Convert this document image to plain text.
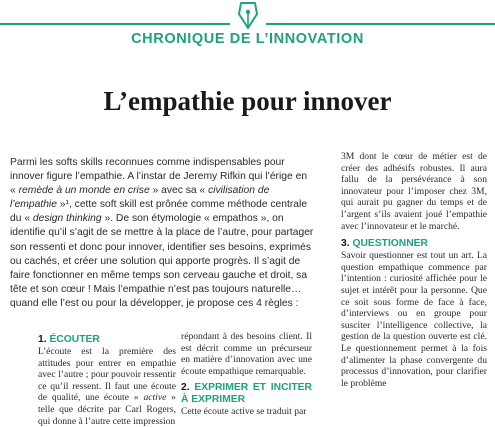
CHRONIQUE DE L’INNOVATION
L’empathie pour innover
Parmi les softs skills reconnues comme indispensables pour innover figure l’empathie. A l’instar de Jeremy Rifkin qui l’érige en « remède à un monde en crise » avec sa « civilisation de l’empathie »¹, cette soft skill est prônée comme méthode centrale du « design thinking ». De son étymologie « empathos », on identifie qu’il s’agit de se mettre à la place de l’autre, pour partager son ressenti et donc pour innover, identifier ses besoins, exprimés ou cachés, et créer une solution qui apporte progrès. Il s’agit de faire fonctionner en même temps son cerveau gauche et droit, sa tête et son cœur ! Mais l’empathie n’est pas toujours naturelle… quand elle l’est ou pour la développer, je propose ces 4 règles :
1. ÉCOUTER

L’écoute est la première des attitudes pour entrer en empathie avec l’autre ; pour pouvoir ressentir ce qu’il ressent. Il faut une écoute de qualité, une écoute « active » telle que décrite par Carl Rogers, qui donne à l’autre cette impression

répondant à des besoins client. Il est décrit comme un précurseur en matière d’innovation avec une écoute empathique remarquable.

2. EXPRIMER ET INCITER À EXPRIMER

Cette écoute active se traduit par

3M dont le cœur de métier est de créer des adhésifs robustes. Il aura fallu de la persévérance à son innovateur pour l’imposer chez 3M, qui aurait pu gagner du temps et de l’argent s’ils avaient joué l’empathie avec l’innovateur et le marché.

3. QUESTIONNER

Savoir questionner est tout un art. La question empathique commence par l’intention : curiosité affichée pour le sujet et intérêt pour la personne. Que ce soit sous forme de face à face, d’interviews ou en groupe pour susciter l’intelligence collective, la gestion de la question ouverte est clé. Le questionnement permet à la fois d’alimenter la phase convergente du processus d’innovation, pour clarifier le problème
